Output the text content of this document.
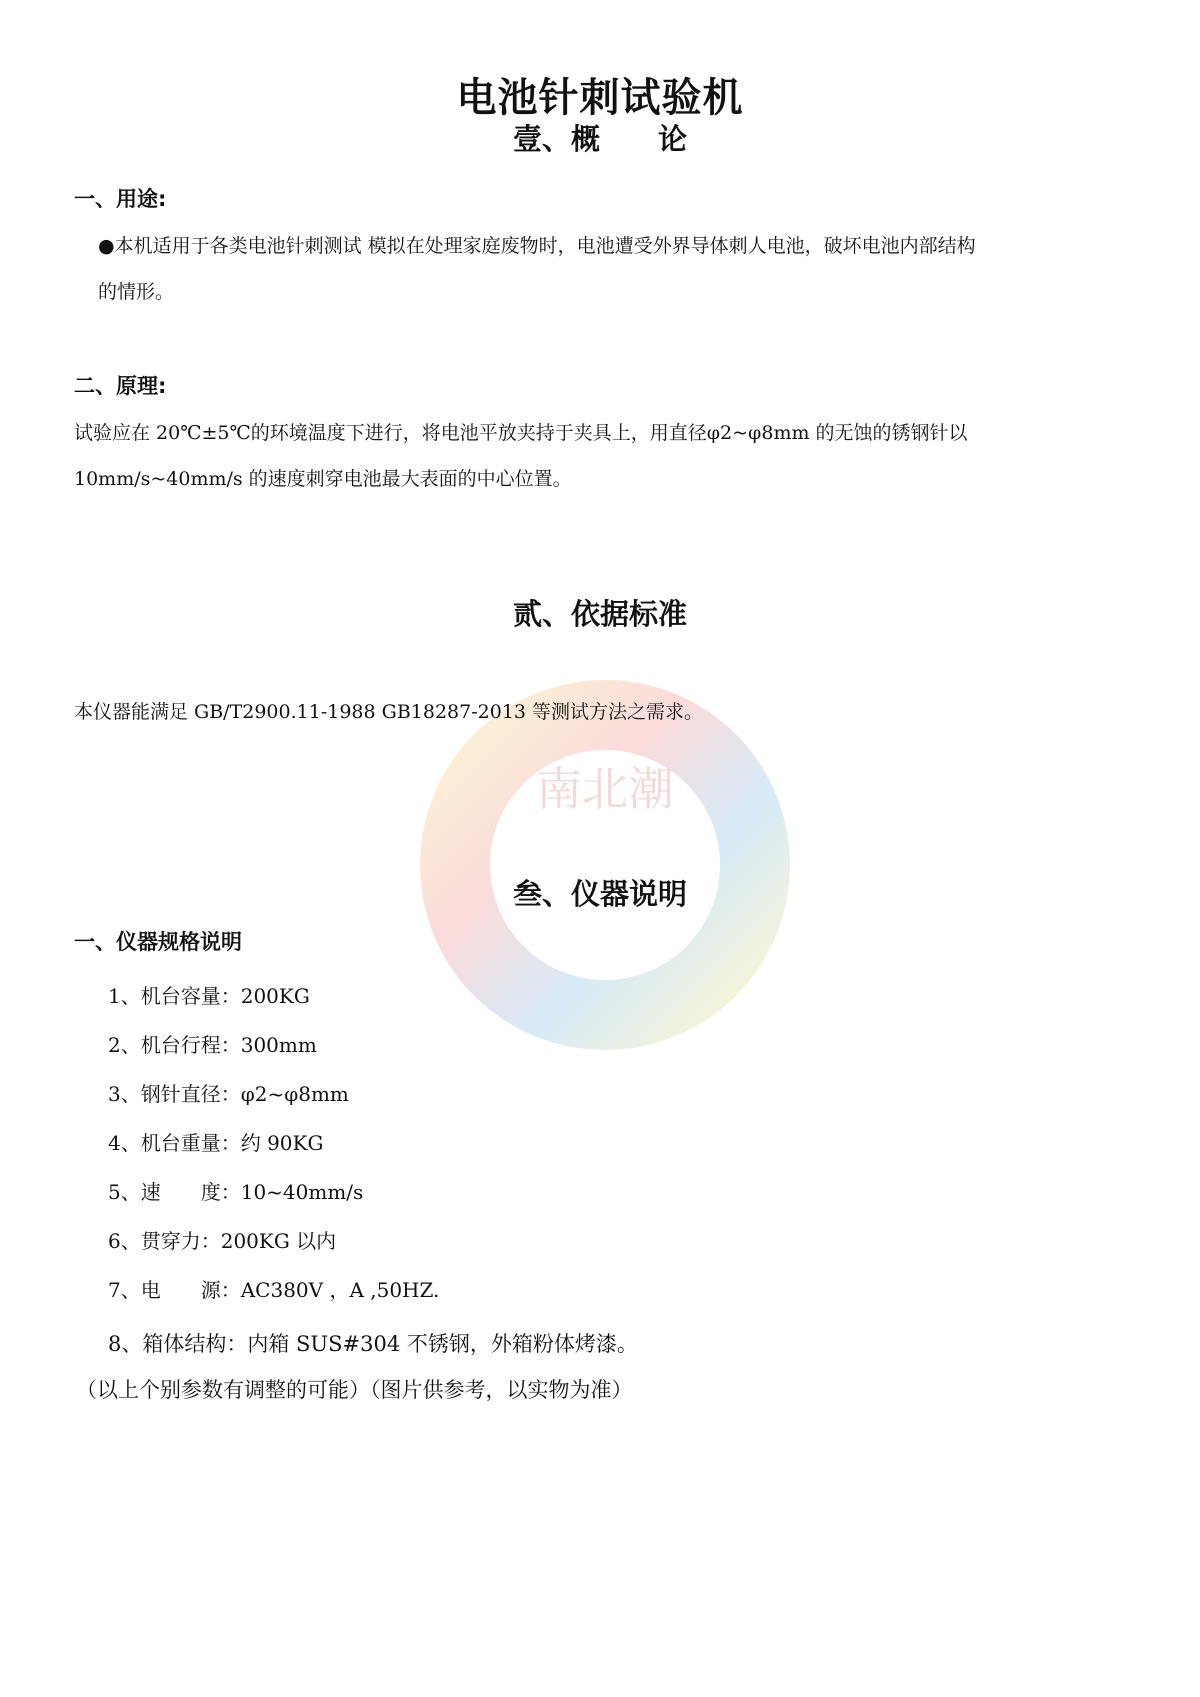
南北潮
电池针刺试验机
壹、概　　论
一、用途:
●本机适用于各类电池针刺测试 模拟在处理家庭废物时，电池遭受外界导体刺人电池，破坏电池内部结构
的情形。
二、原理:
试验应在 20℃±5℃的环境温度下进行，将电池平放夹持于夹具上，用直径φ2~φ8mm 的无蚀的锈钢针以
10mm/s~40mm/s 的速度刺穿电池最大表面的中心位置。
贰、依据标准
本仪器能满足 GB/T2900.11-1988 GB18287-2013 等测试方法之需求。
叁、仪器说明
一、仪器规格说明
1、机台容量：200KG
2、机台行程：300mm
3、钢针直径：φ2~φ8mm
4、机台重量：约 90KG
5、速　　度：10~40mm/s
6、贯穿力：200KG 以内
7、电　　源：AC380V ，A ,50HZ.
8、箱体结构：内箱 SUS#304 不锈钢，外箱粉体烤漆。
（以上个别参数有调整的可能）（图片供参考，以实物为准）
